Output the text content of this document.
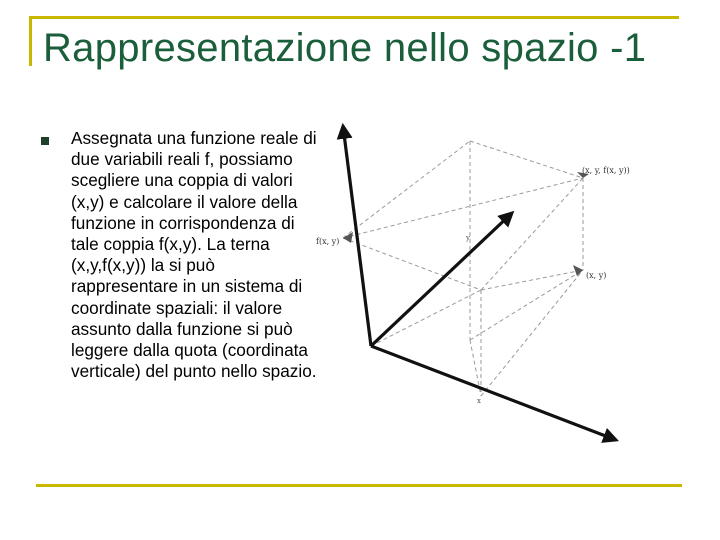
Rappresentazione nello spazio -1
Assegnata una funzione reale di due variabili reali f, possiamo scegliere una coppia di valori (x,y) e calcolare il valore della funzione in corrispondenza di tale coppia f(x,y). La terna (x,y,f(x,y)) la si può rappresentare in un sistema di coordinate spaziali: il valore assunto dalla funzione si può leggere dalla quota (coordinata verticale) del punto nello spazio.
(x, y, f(x, y))
f(x, y)
(x, y)
y
x
